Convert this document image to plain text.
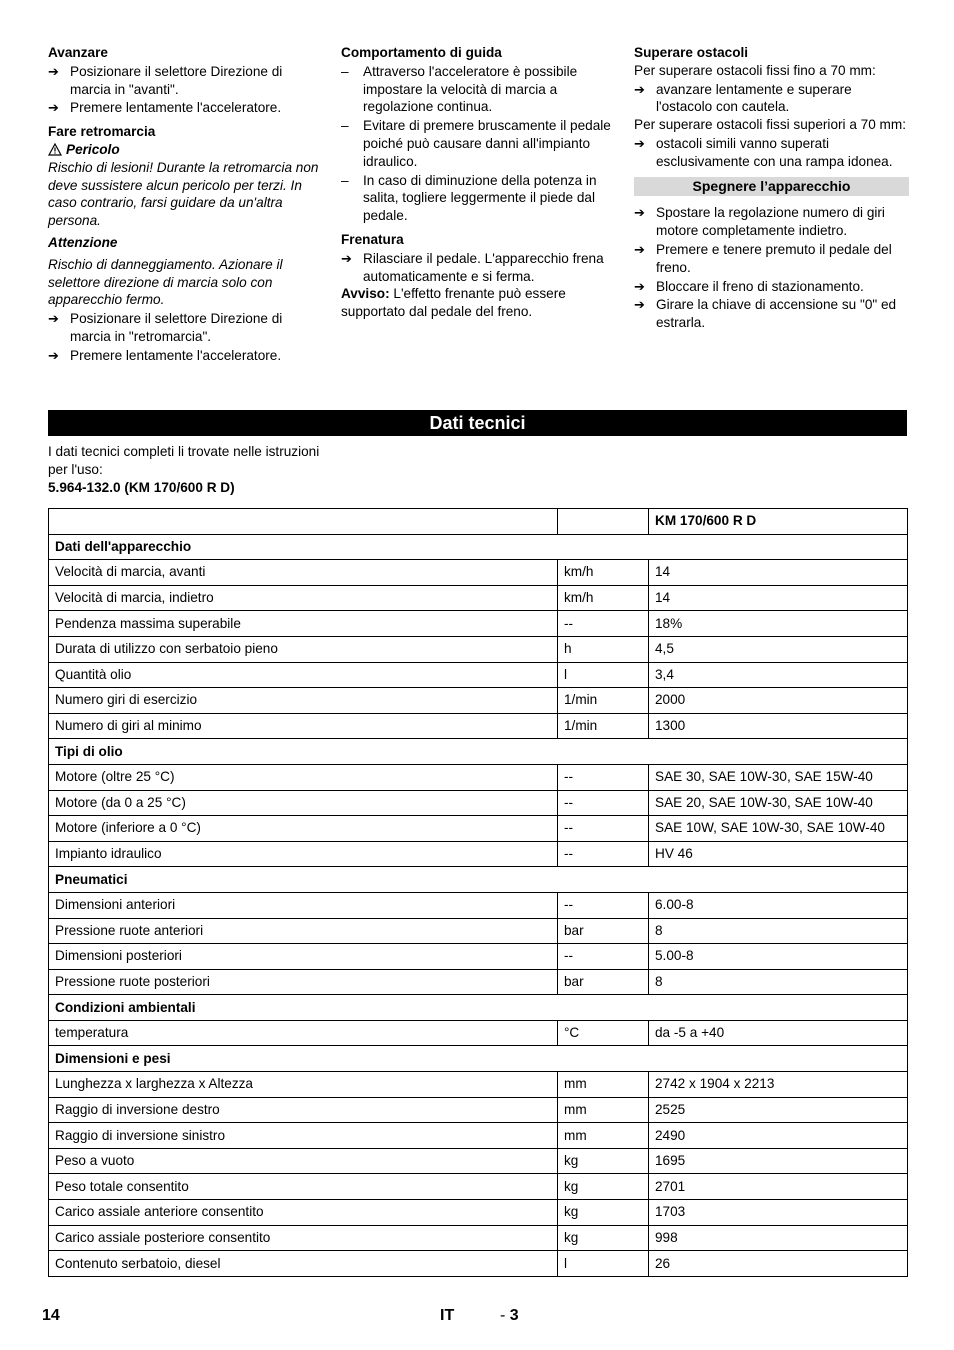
Avanzare
➔ Posizionare il selettore Direzione di marcia in "avanti".
➔ Premere lentamente l'acceleratore.
Fare retromarcia
Pericolo
Rischio di lesioni! Durante la retromarcia non deve sussistere alcun pericolo per terzi. In caso contrario, farsi guidare da un'altra persona.
Attenzione
Rischio di danneggiamento. Azionare il selettore direzione di marcia solo con apparecchio fermo.
➔ Posizionare il selettore Direzione di marcia in "retromarcia".
➔ Premere lentamente l'acceleratore.
Comportamento di guida
– Attraverso l'acceleratore è possibile impostare la velocità di marcia a regolazione continua.
– Evitare di premere bruscamente il pedale poiché può causare danni all'impianto idraulico.
– In caso di diminuzione della potenza in salita, togliere leggermente il piede dal pedale.
Frenatura
➔ Rilasciare il pedale. L'apparecchio frena automaticamente e si ferma.
Avviso: L'effetto frenante può essere supportato dal pedale del freno.
Superare ostacoli
Per superare ostacoli fissi fino a 70 mm:
➔ avanzare lentamente e superare l'ostacolo con cautela.
Per superare ostacoli fissi superiori a 70 mm:
➔ ostacoli simili vanno superati esclusivamente con una rampa idonea.
Spegnere l’apparecchio
➔ Spostare la regolazione numero di giri motore completamente indietro.
➔ Premere e tenere premuto il pedale del freno.
➔ Bloccare il freno di stazionamento.
➔ Girare la chiave di accensione su "0" ed estrarla.
Dati tecnici
I dati tecnici completi li trovate nelle istruzioni per l'uso:
5.964-132.0 (KM 170/600 R D)
		KM 170/600 R D
Dati dell'apparecchio		
Velocità di marcia, avanti	km/h	14
Velocità di marcia, indietro	km/h	14
Pendenza massima superabile	--	18%
Durata di utilizzo con serbatoio pieno	h	4,5
Quantità olio	l	3,4
Numero giri di esercizio	1/min	2000
Numero di giri al minimo	1/min	1300
Tipi di olio		
Motore (oltre 25 °C)	--	SAE 30, SAE 10W-30, SAE 15W-40
Motore (da 0 a 25 °C)	--	SAE 20, SAE 10W-30, SAE 10W-40
Motore (inferiore a 0 °C)	--	SAE 10W, SAE 10W-30, SAE 10W-40
Impianto idraulico	--	HV 46
Pneumatici		
Dimensioni anteriori	--	6.00-8
Pressione ruote anteriori	bar	8
Dimensioni posteriori	--	5.00-8
Pressione ruote posteriori	bar	8
Condizioni ambientali		
temperatura	°C	da -5 a +40
Dimensioni e pesi		
Lunghezza x larghezza x Altezza	mm	2742 x 1904 x 2213
Raggio di inversione destro	mm	2525
Raggio di inversione sinistro	mm	2490
Peso a vuoto	kg	1695
Peso totale consentito	kg	2701
Carico assiale anteriore consentito	kg	1703
Carico assiale posteriore consentito	kg	998
Contenuto serbatoio, diesel	l	26
14	IT	- 3
